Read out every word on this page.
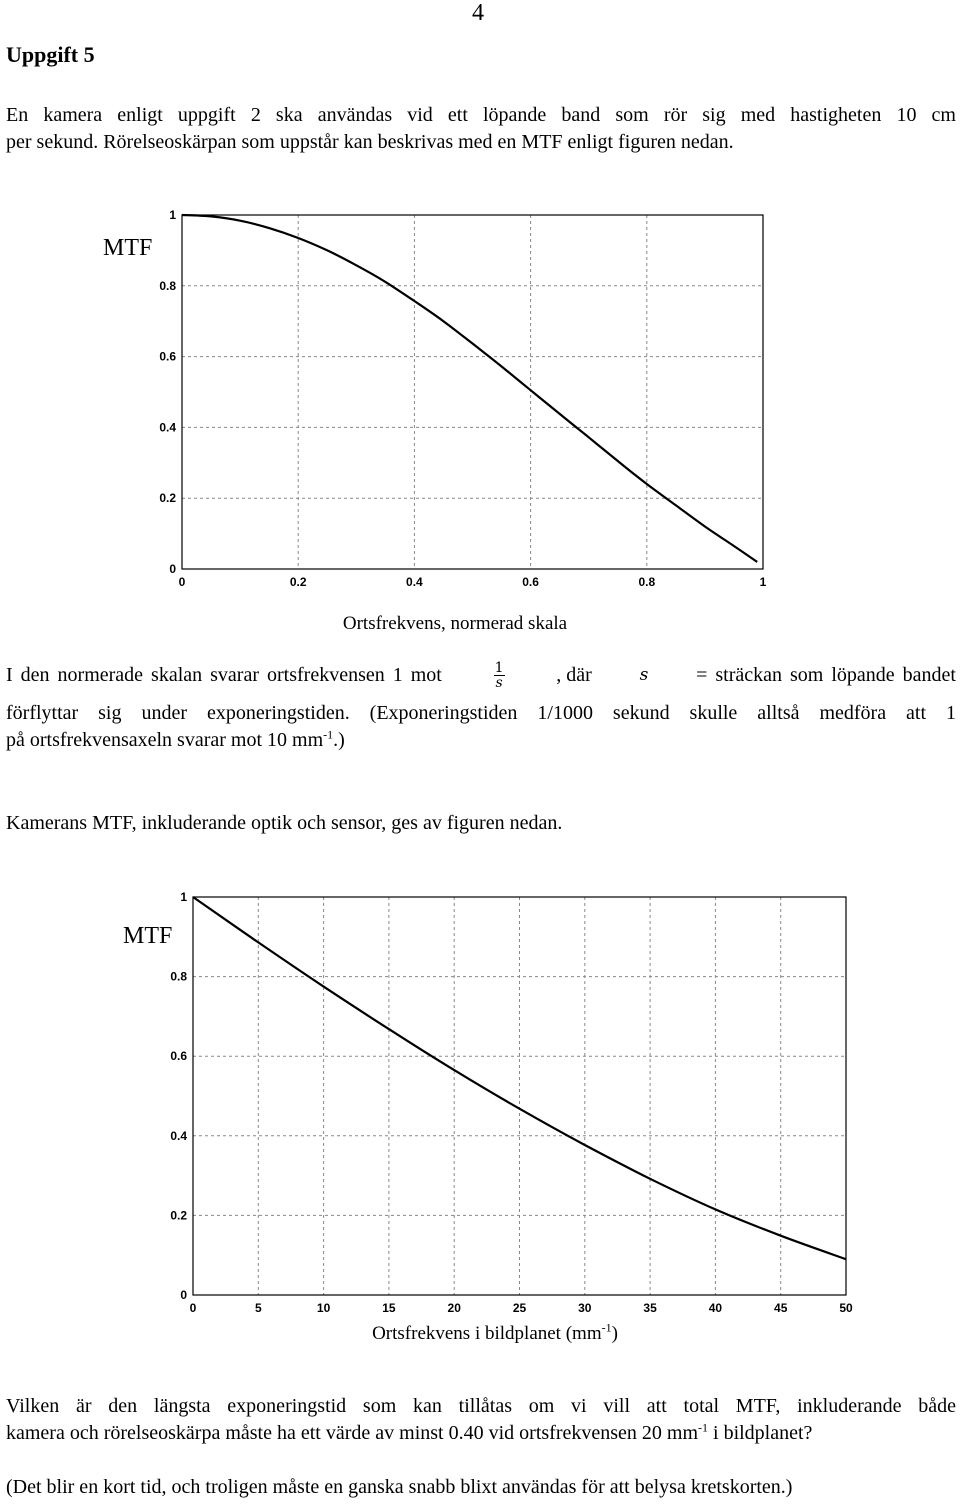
4
Uppgift 5

En kamera enligt uppgift 2 ska användas vid ett löpande band som rör sig med hastigheten 10 cm

per sekund. Rörelseoskärpan som uppstår kan beskrivas med en MTF enligt figuren nedan.

0	0.2	0.4	0.6	0.8	1
0
0.2
0.4
0.6
0.8
1
MTF
Ortsfrekvens, normerad skala
I den normerade skalan svarar ortsfrekvensen 1 mot	$\frac{1}{s}$	, där	s = sträckan som löpande bandet

förflyttar sig under exponeringstiden. (Exponeringstiden 1/1000 sekund skulle alltså medföra att 1

på ortsfrekvensaxeln svarar mot 10 $mm^{-1}$.)

Kamerans MTF, inkluderande optik och sensor, ges av figuren nedan.

0	5	10	15	20	25	30	35	40	45	50
0
0.2
0.4
0.6
0.8
1
MTF
Ortsfrekvens i bildplanet $(mm^{-1})$

Vilken är den längsta exponeringstid som kan tillåtas om vi vill att total MTF, inkluderande både

kamera och rörelseoskärpa måste ha ett värde av minst 0.40 vid ortsfrekvensen 20 $mm^{-1}$ i bildplanet?

(Det blir en kort tid, och troligen måste en ganska snabb blixt användas för att belysa kretskorten.)
